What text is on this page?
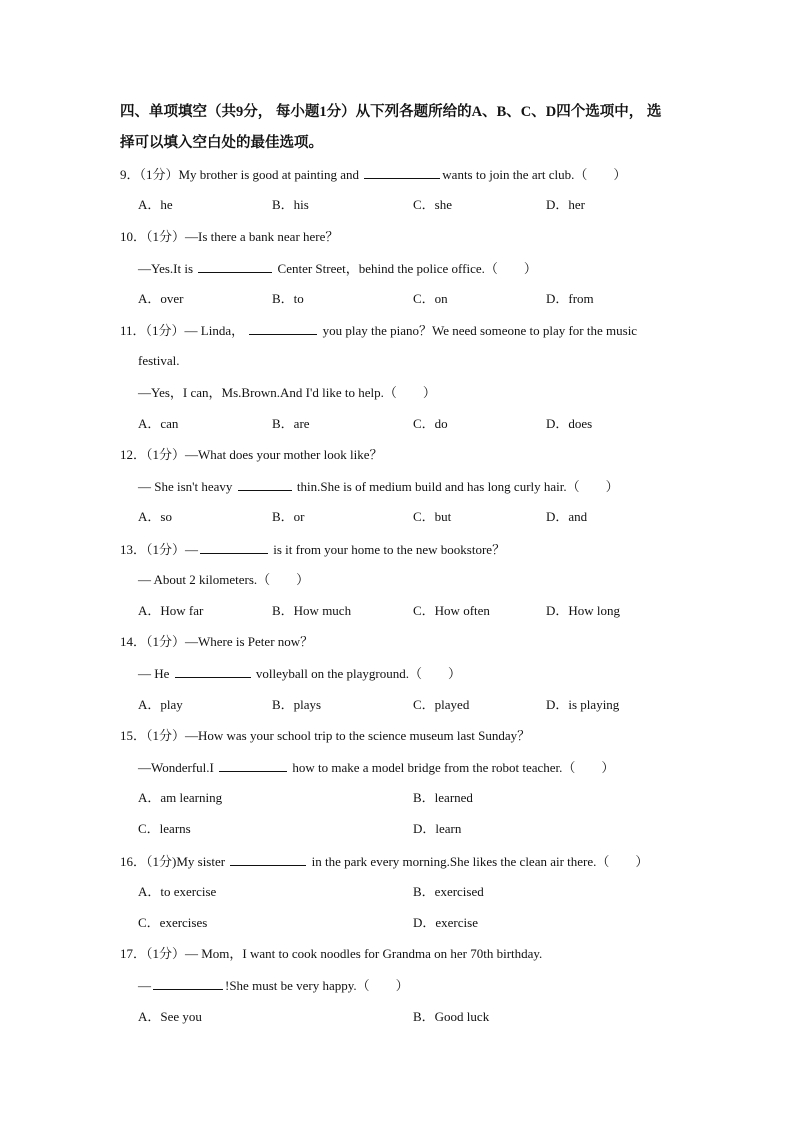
四、单项填空（共9分， 每小题1分）从下列各题所给的A、B、C、D四个选项中， 选
择可以填入空白处的最佳选项。
9．（1分）My brother is good at painting and	wants to join the art club.（　　）
A．he	B．his	C．she	D．her
10．（1分）—Is there a bank near here？
—Yes.It is	Center Street，behind the police office.（　　）
A．over	B．to	C．on	D．from
11．（1分）— Linda，	you play the piano？We need someone to play for the music
festival.
—Yes，I can，Ms.Brown.And I'd like to help.（　　）
A．can	B．are	C．do	D．does
12．（1分）—What does your mother look like？
— She isn't heavy	thin.She is of medium build and has long curly hair.（　　）
A．so	B．or	C．but	D．and
13．（1分）—	is it from your home to the new bookstore？
— About 2 kilometers.（　　）
A．How far	B．How much	C．How often	D．How long
14．（1分）—Where is Peter now？
— He	volleyball on the playground.（　　）
A．play	B．plays	C．played	D．is playing
15．（1分）—How was your school trip to the science museum last Sunday？
—Wonderful.I	how to make a model bridge from the robot teacher.（　　）
A．am learning	B．learned
C．learns	D．learn
16．（1分)My sister	in the park every morning.She likes the clean air there.（　　）
A．to exercise	B．exercised
C．exercises	D．exercise
17．（1分）— Mom，I want to cook noodles for Grandma on her 70th birthday.
—	!She must be very happy.（　　）
A．See you	B．Good luck
